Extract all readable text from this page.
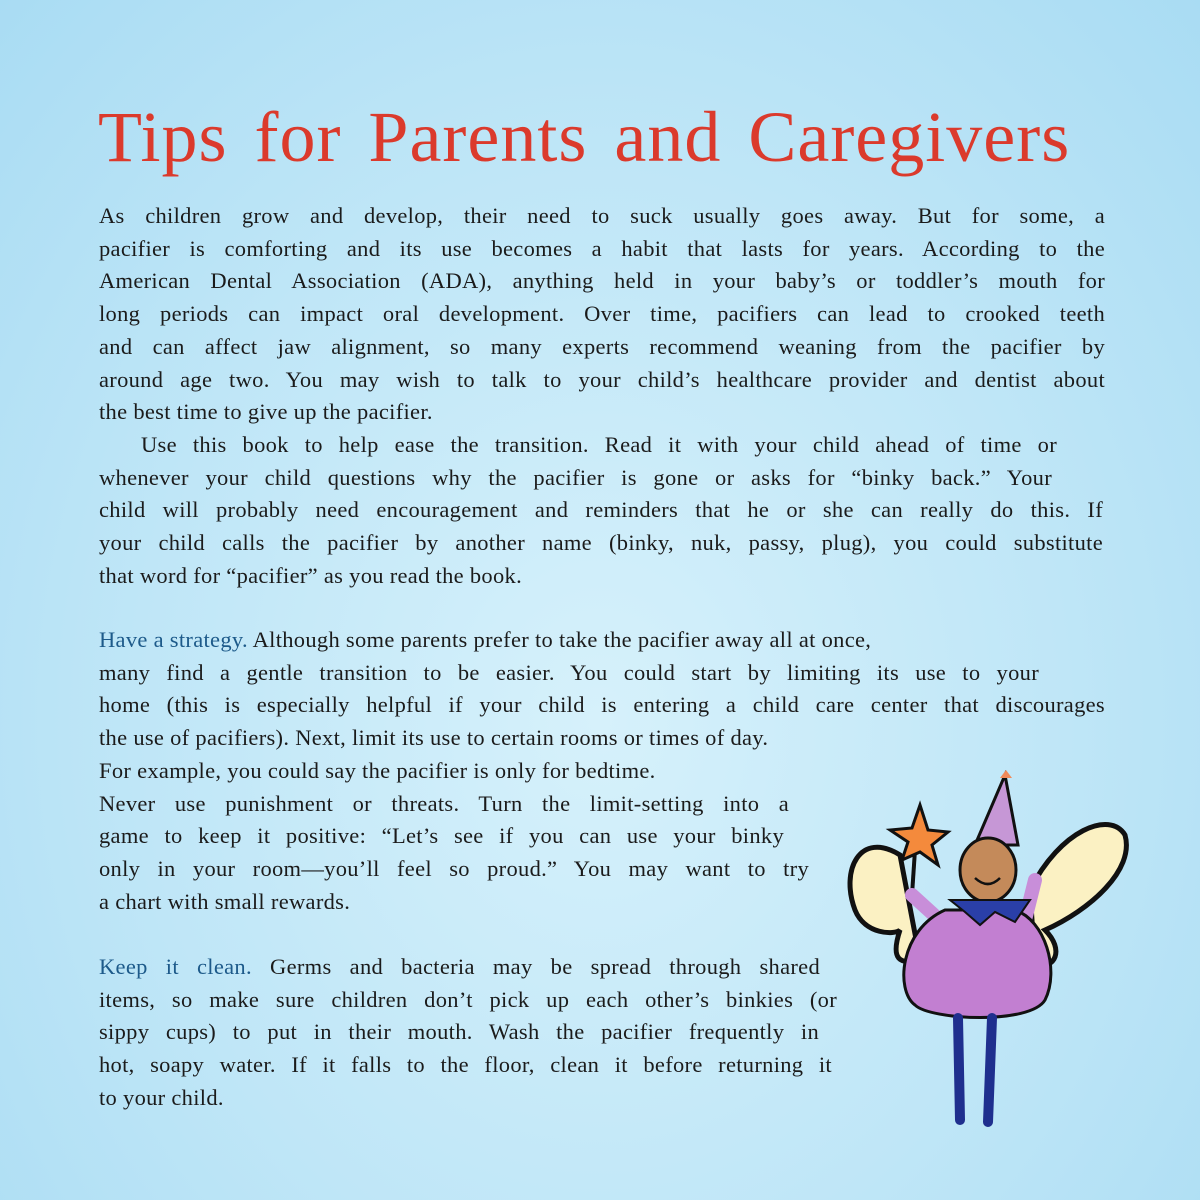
Tips for Parents and Caregivers
As children grow and develop, their need to suck usually goes away. But for some, a
pacifier is comforting and its use becomes a habit that lasts for years. According to the
American Dental Association (ADA), anything held in your baby’s or toddler’s mouth for
long periods can impact oral development. Over time, pacifiers can lead to crooked teeth
and can affect jaw alignment, so many experts recommend weaning from the pacifier by
around age two. You may wish to talk to your child’s healthcare provider and dentist about
the best time to give up the pacifier.
Use this book to help ease the transition. Read it with your child ahead of time or
whenever your child questions why the pacifier is gone or asks for “binky back.” Your
child will probably need encouragement and reminders that he or she can really do this. If
your child calls the pacifier by another name (binky, nuk, passy, plug), you could substitute
that word for “pacifier” as you read the book.
Have a strategy. Although some parents prefer to take the pacifier away all at once,
many find a gentle transition to be easier. You could start by limiting its use to your
home (this is especially helpful if your child is entering a child care center that discourages
the use of pacifiers). Next, limit its use to certain rooms or times of day.
For example, you could say the pacifier is only for bedtime.
Never use punishment or threats. Turn the limit-setting into a
game to keep it positive: “Let’s see if you can use your binky
only in your room—you’ll feel so proud.” You may want to try
a chart with small rewards.
Keep it clean. Germs and bacteria may be spread through shared
items, so make sure children don’t pick up each other’s binkies (or
sippy cups) to put in their mouth. Wash the pacifier frequently in
hot, soapy water. If it falls to the floor, clean it before returning it
to your child.
